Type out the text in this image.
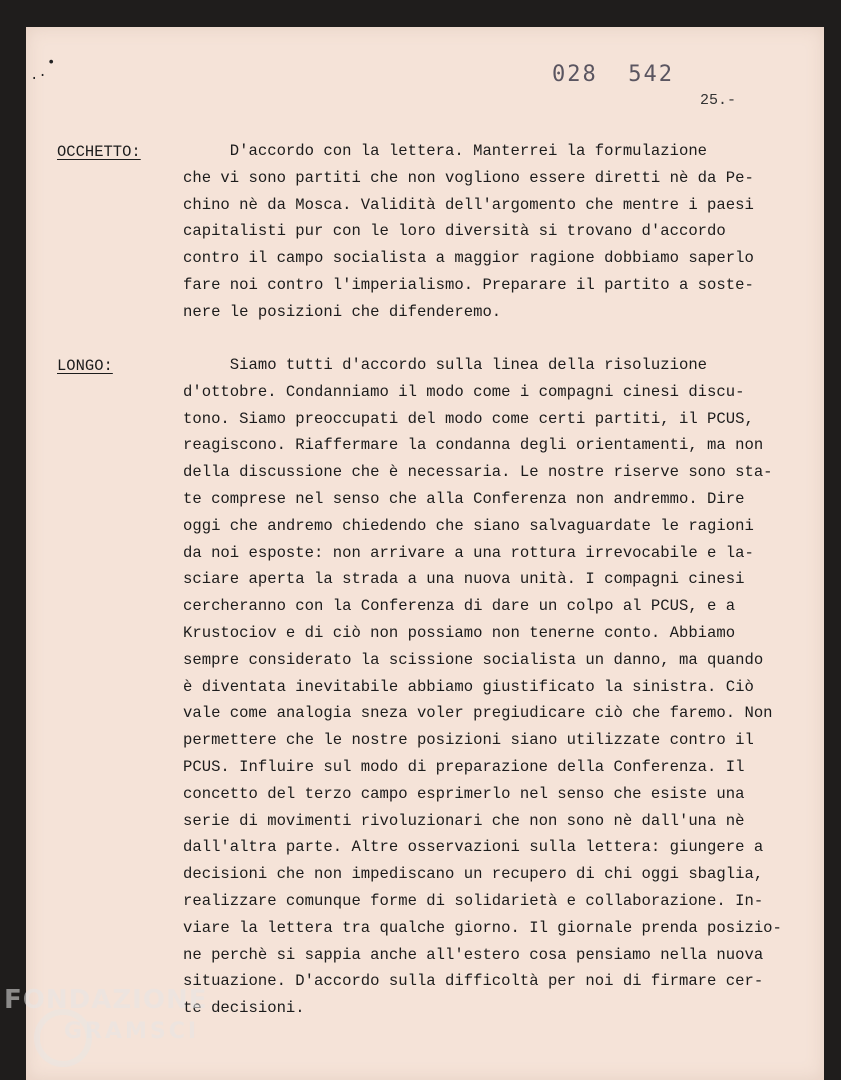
•
.·	028  542
25.-
OCCHETTO:	D'accordo con la lettera. Manterrei la formulazione
che vi sono partiti che non vogliono essere diretti nè da Pe-
chino nè da Mosca. Validità dell'argomento che mentre i paesi
capitalisti pur con le loro diversità si trovano d'accordo
contro il campo socialista a maggior ragione dobbiamo saperlo
fare noi contro l'imperialismo. Preparare il partito a soste-
nere le posizioni che difenderemo.
LONGO:	Siamo tutti d'accordo sulla linea della risoluzione
d'ottobre. Condanniamo il modo come i compagni cinesi discu-
tono. Siamo preoccupati del modo come certi partiti, il PCUS,
reagiscono. Riaffermare la condanna degli orientamenti, ma non
della discussione che è necessaria. Le nostre riserve sono sta-
te comprese nel senso che alla Conferenza non andremmo. Dire
oggi che andremo chiedendo che siano salvaguardate le ragioni
da noi esposte: non arrivare a una rottura irrevocabile e la-
sciare aperta la strada a una nuova unità. I compagni cinesi
cercheranno con la Conferenza di dare un colpo al PCUS, e a
Krustociov e di ciò non possiamo non tenerne conto. Abbiamo
sempre considerato la scissione socialista un danno, ma quando
è diventata inevitabile abbiamo giustificato la sinistra. Ciò
vale come analogia sneza voler pregiudicare ciò che faremo. Non
permettere che le nostre posizioni siano utilizzate contro il
PCUS. Influire sul modo di preparazione della Conferenza. Il
concetto del terzo campo esprimerlo nel senso che esiste una
serie di movimenti rivoluzionari che non sono nè dall'una nè
dall'altra parte. Altre osservazioni sulla lettera: giungere a
decisioni che non impediscano un recupero di chi oggi sbaglia,
realizzare comunque forme di solidarietà e collaborazione. In-
viare la lettera tra qualche giorno. Il giornale prenda posizio-
ne perchè si sappia anche all'estero cosa pensiamo nella nuova
situazione. D'accordo sulla difficoltà per noi di firmare cer-
te decisioni.
FONDAZIONE
GRAMSCI
